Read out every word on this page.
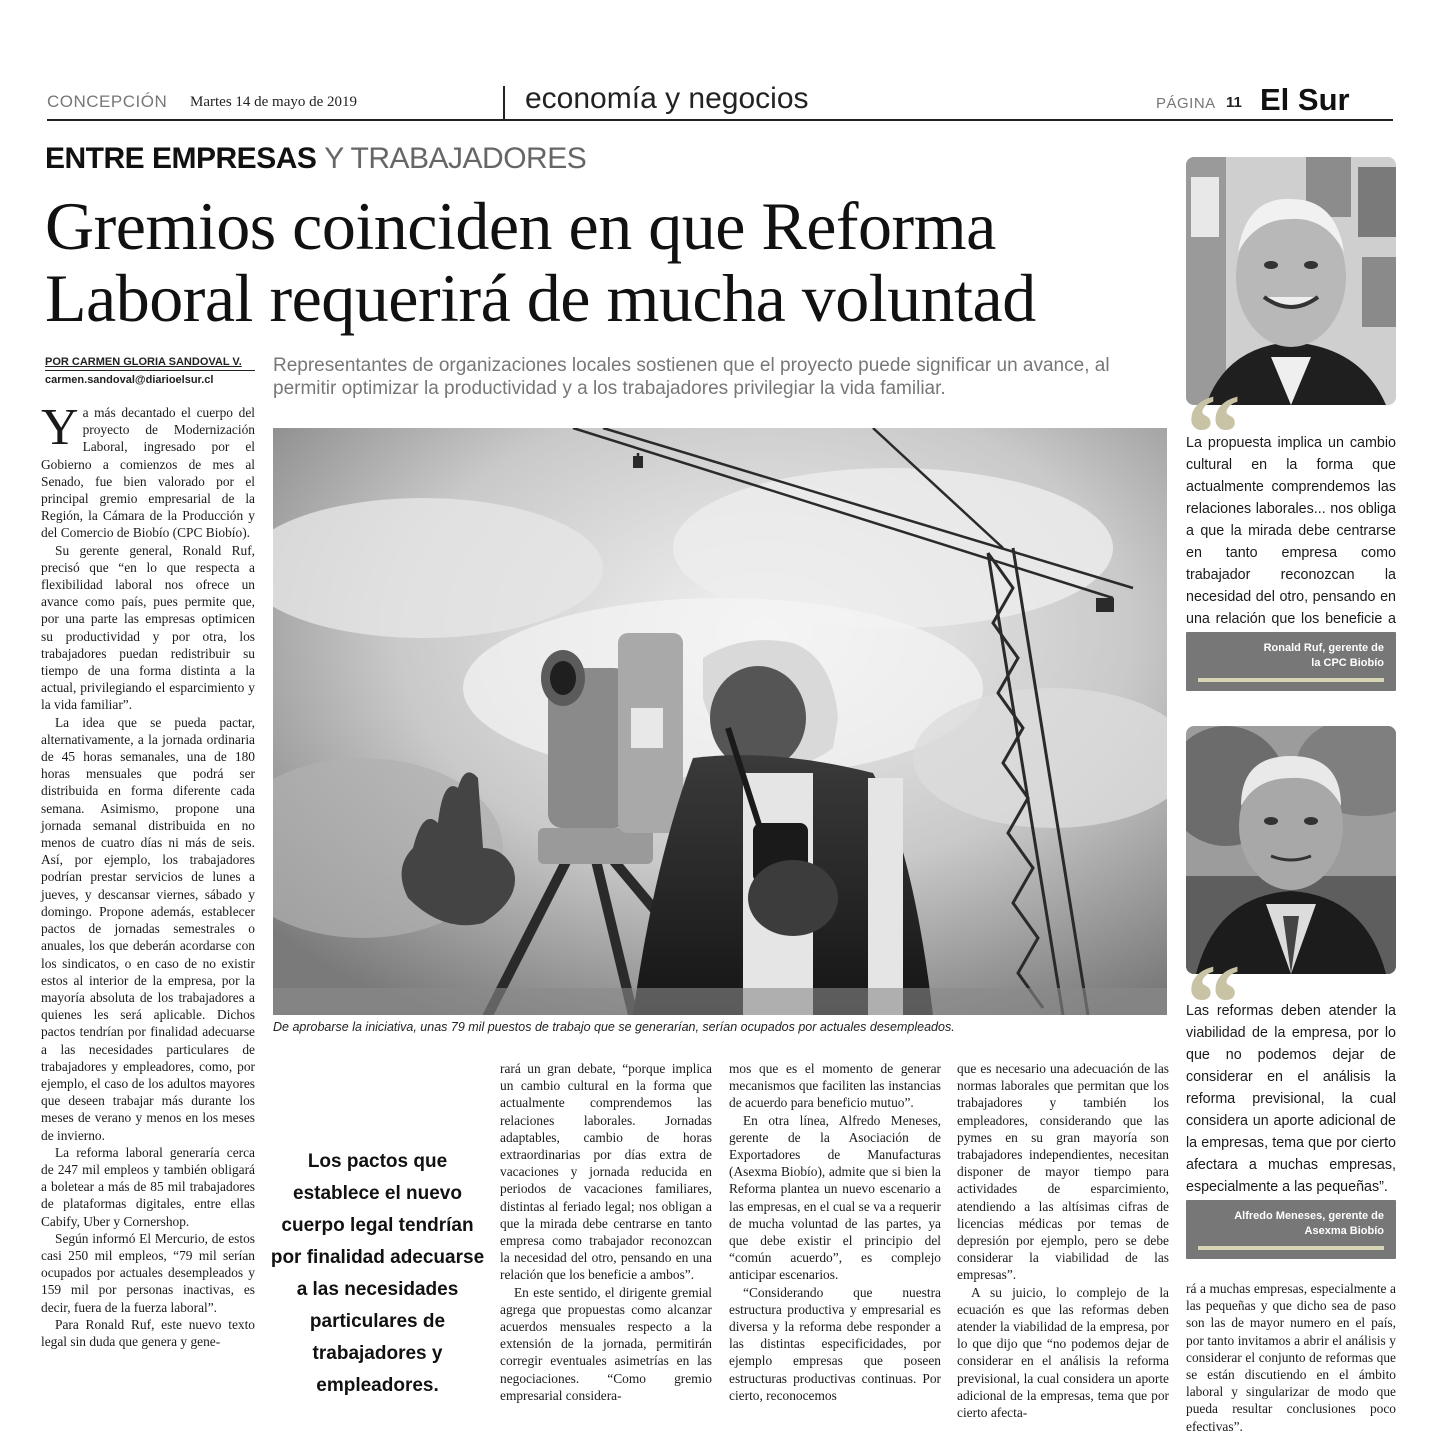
CONCEPCIÓN Martes 14 de mayo de 2019	economía y negocios	PÁGINA 11 El Sur
ENTRE EMPRESAS Y TRABAJADORES
Gremios coinciden en que Reforma
Laboral requerirá de mucha voluntad
POR CARMEN GLORIA SANDOVAL V.
carmen.sandoval@diarioelsur.cl
Representantes de organizaciones locales sostienen que el proyecto puede significar un avance, al permitir optimizar la productividad y a los trabajadores privilegiar la vida familiar.
De aprobarse la iniciativa, unas 79 mil puestos de trabajo que se generarían, serían ocupados por actuales desempleados.

Ya más decantado el cuerpo del proyecto de Modernización Laboral, ingresado por el Gobierno a comienzos de mes al Senado, fue bien valorado por el principal gremio empresarial de la Región, la Cámara de la Producción y del Comercio de Biobío (CPC Biobío).

Su gerente general, Ronald Ruf, precisó que “en lo que respecta a flexibilidad laboral nos ofrece un avance como país, pues permite que, por una parte las empresas optimicen su productividad y por otra, los trabajadores puedan redistribuir su tiempo de una forma distinta a la actual, privilegiando el esparcimiento y la vida familiar”.

La idea que se pueda pactar, alternativamente, a la jornada ordinaria de 45 horas semanales, una de 180 horas mensuales que podrá ser distribuida en forma diferente cada semana. Asimismo, propone una jornada semanal distribuida en no menos de cuatro días ni más de seis. Así, por ejemplo, los trabajadores podrían prestar servicios de lunes a jueves, y descansar viernes, sábado y domingo. Propone además, establecer pactos de jornadas semestrales o anuales, los que deberán acordarse con los sindicatos, o en caso de no existir estos al interior de la empresa, por la mayoría absoluta de los trabajadores a quienes les será aplicable. Dichos pactos tendrían por finalidad adecuarse a las necesidades particulares de trabajadores y empleadores, como, por ejemplo, el caso de los adultos mayores que deseen trabajar más durante los meses de verano y menos en los meses de invierno.

La reforma laboral generaría cerca de 247 mil empleos y también obligará a boletear a más de 85 mil trabajadores de plataformas digitales, entre ellas Cabify, Uber y Cornershop.

Según informó El Mercurio, de estos casi 250 mil empleos, “79 mil serían ocupados por actuales desempleados y 159 mil por personas inactivas, es decir, fuera de la fuerza laboral”.

Para Ronald Ruf, este nuevo texto legal sin duda que genera y gene-

Los pactos que establece el nuevo cuerpo legal tendrían por finalidad adecuarse a las necesidades particulares de trabajadores y empleadores.

rará un gran debate, “porque implica un cambio cultural en la forma que actualmente comprendemos las relaciones laborales. Jornadas adaptables, cambio de horas extraordinarias por días extra de vacaciones y jornada reducida en periodos de vacaciones familiares, distintas al feriado legal; nos obligan a que la mirada debe centrarse en tanto empresa como trabajador reconozcan la necesidad del otro, pensando en una relación que los beneficie a ambos”.

En este sentido, el dirigente gremial agrega que propuestas como alcanzar acuerdos mensuales respecto a la extensión de la jornada, permitirán corregir eventuales asimetrías en las negociaciones. “Como gremio empresarial considera-

mos que es el momento de generar mecanismos que faciliten las instancias de acuerdo para beneficio mutuo”.

En otra línea, Alfredo Meneses, gerente de la Asociación de Exportadores de Manufacturas (Asexma Biobío), admite que si bien la Reforma plantea un nuevo escenario a las empresas, en el cual se va a requerir de mucha voluntad de las partes, ya que debe existir el principio del “común acuerdo”, es complejo anticipar escenarios.

“Considerando que nuestra estructura productiva y empresarial es diversa y la reforma debe responder a las distintas especificidades, por ejemplo empresas que poseen estructuras productivas continuas. Por cierto, reconocemos

que es necesario una adecuación de las normas laborales que permitan que los trabajadores y también los empleadores, considerando que las pymes en su gran mayoría son trabajadores independientes, necesitan disponer de mayor tiempo para actividades de esparcimiento, atendiendo a las altísimas cifras de licencias médicas por temas de depresión por ejemplo, pero se debe considerar la viabilidad de las empresas”.

A su juicio, lo complejo de la ecuación es que las reformas deben atender la viabilidad de la empresa, por lo que dijo que “no podemos dejar de considerar en el análisis la reforma previsional, la cual considera un aporte adicional de la empresas, tema que por cierto afecta-

rá a muchas empresas, especialmente a las pequeñas y que dicho sea de paso son las de mayor numero en el país, por tanto invitamos a abrir el análisis y considerar el conjunto de reformas que se están discutiendo en el ámbito laboral y singularizar de modo que pueda resultar conclusiones poco efectivas”.

“
La propuesta implica un cambio cultural en la forma que actualmente comprendemos las relaciones laborales... nos obliga a que la mirada debe centrarse en tanto empresa como trabajador reconozcan la necesidad del otro, pensando en una relación que los beneficie a
Ronald Ruf, gerente de
la CPC Biobío
“
Las reformas deben atender la viabilidad de la empresa, por lo que no podemos dejar de considerar en el análisis la reforma previsional, la cual considera un aporte adicional de la empresas, tema que por cierto afectara a muchas empresas, especialmente a las pequeñas”.
Alfredo Meneses, gerente de
Asexma Biobío
